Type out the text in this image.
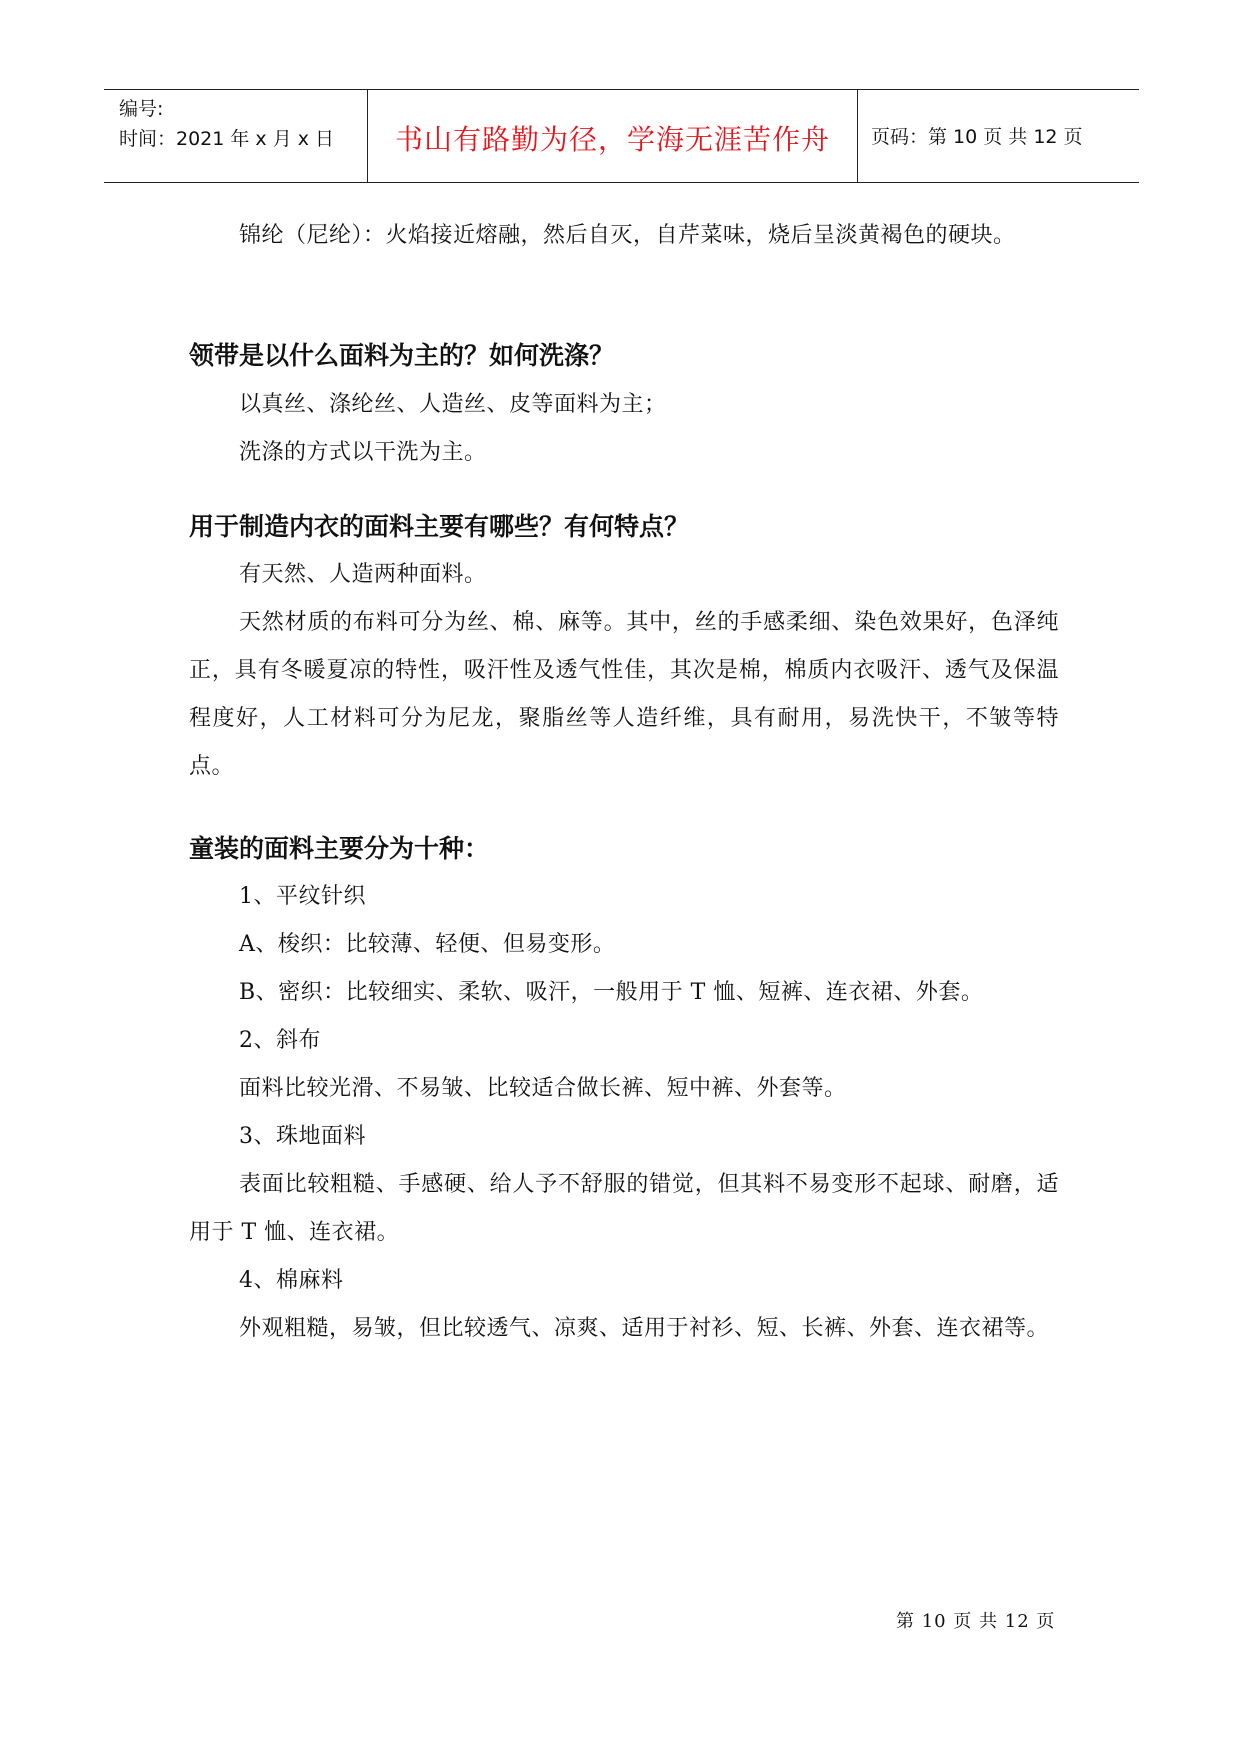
编号:
时间：2021 年 x 月 x 日	书山有路勤为径，学海无涯苦作舟	页码：第 10 页 共 12 页

锦纶（尼纶）：火焰接近熔融，然后自灭，自芹菜味，烧后呈淡黄褐色的硬块。

领带是以什么面料为主的？如何洗涤？

以真丝、涤纶丝、人造丝、皮等面料为主；

洗涤的方式以干洗为主。

用于制造内衣的面料主要有哪些？有何特点？

有天然、人造两种面料。

天然材质的布料可分为丝、棉、麻等。其中，丝的手感柔细、染色效果好，色泽纯正，具有冬暖夏凉的特性，吸汗性及透气性佳，其次是棉，棉质内衣吸汗、透气及保温程度好，人工材料可分为尼龙，聚脂丝等人造纤维，具有耐用，易洗快干，不皱等特点。

童装的面料主要分为十种：

1、平纹针织

A、梭织：比较薄、轻便、但易变形。

B、密织：比较细实、柔软、吸汗，一般用于 T 恤、短裤、连衣裙、外套。

2、斜布

面料比较光滑、不易皱、比较适合做长裤、短中裤、外套等。

3、珠地面料

表面比较粗糙、手感硬、给人予不舒服的错觉，但其料不易变形不起球、耐磨，适用于 T 恤、连衣裙。

4、棉麻料

外观粗糙，易皱，但比较透气、凉爽、适用于衬衫、短、长裤、外套、连衣裙等。

第 10 页 共 12 页
